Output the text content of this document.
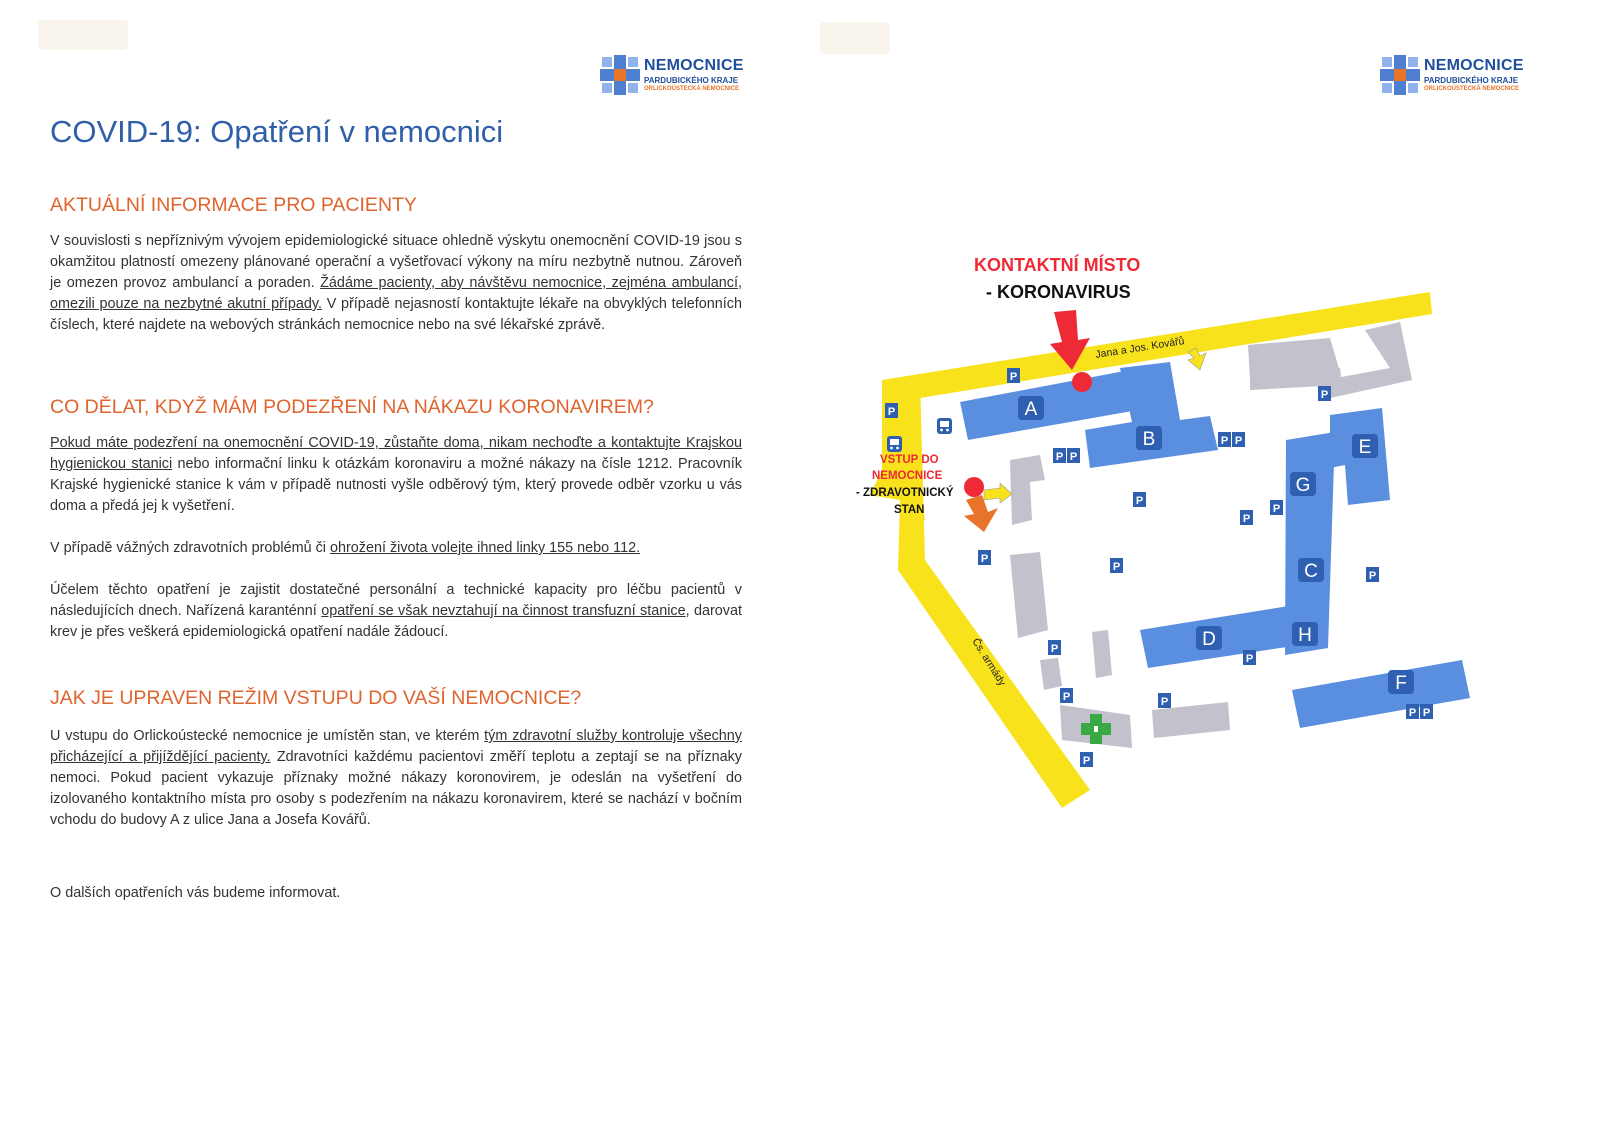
NEMOCNICE
PARDUBICKÉHO KRAJE
ORLICKOÚSTECKÁ NEMOCNICE
COVID-19: Opatření v nemocnici
AKTUÁLNÍ INFORMACE PRO PACIENTY

V souvislosti s nepříznivým vývojem epidemiologické situace ohledně výskytu onemocnění COVID-19 jsou s okamžitou platností omezeny plánované operační a vyšetřovací výkony na míru nezbytně nutnou. Zároveň je omezen provoz ambulancí a poraden. Žádáme pacienty, aby návštěvu nemocnice, zejména ambulancí, omezili pouze na nezbytné akutní případy. V případě nejasností kontaktujte lékaře na obvyklých telefonních číslech, které najdete na webových stránkách nemocnice nebo na své lékařské zprávě.

CO DĚLAT, KDYŽ MÁM PODEZŘENÍ NA NÁKAZU KORONAVIREM?

Pokud máte podezření na onemocnění COVID-19, zůstaňte doma, nikam nechoďte a kontaktujte Krajskou hygienickou stanici nebo informační linku k otázkám koronaviru a možné nákazy na čísle 1212. Pracovník Krajské hygienické stanice k vám v případě nutnosti vyšle odběrový tým, který provede odběr vzorku u vás doma a předá jej k vyšetření.

V případě vážných zdravotních problémů či ohrožení života volejte ihned linky 155 nebo 112.

Účelem těchto opatření je zajistit dostatečné personální a technické kapacity pro léčbu pacientů v následujících dnech. Nařízená karanténní opatření se však nevztahují na činnost transfuzní stanice, darovat krev je přes veškerá epidemiologická opatření nadále žádoucí.

JAK JE UPRAVEN REŽIM VSTUPU DO VAŠÍ NEMOCNICE?

U vstupu do Orlickoústecké nemocnice je umístěn stan, ve kterém tým zdravotní služby kontroluje všechny přicházející a přijíždějící pacienty. Zdravotníci každému pacientovi změří teplotu a zeptají se na příznaky nemoci. Pokud pacient vykazuje příznaky možné nákazy koronovirem, je odeslán na vyšetření do izolovaného kontaktního místa pro osoby s podezřením na nákazu koronavirem, které se nachází v bočním vchodu do budovy A z ulice Jana a Josefa Kovářů.

O dalších opatřeních vás budeme informovat.

NEMOCNICE
PARDUBICKÉHO KRAJE
ORLICKOÚSTECKÁ NEMOCNICE
A
B	E
G
C
D	H
F
P
P
P P
P P
P
P
P
P
P
P
P
P
P
P	P
P
P P
Jana a Jos. Kovářů
Čs. armády
KONTAKTNÍ MÍSTO
- KORONAVIRUS
VSTUP DO
NEMOCNICE
- ZDRAVOTNICKÝ
STAN
